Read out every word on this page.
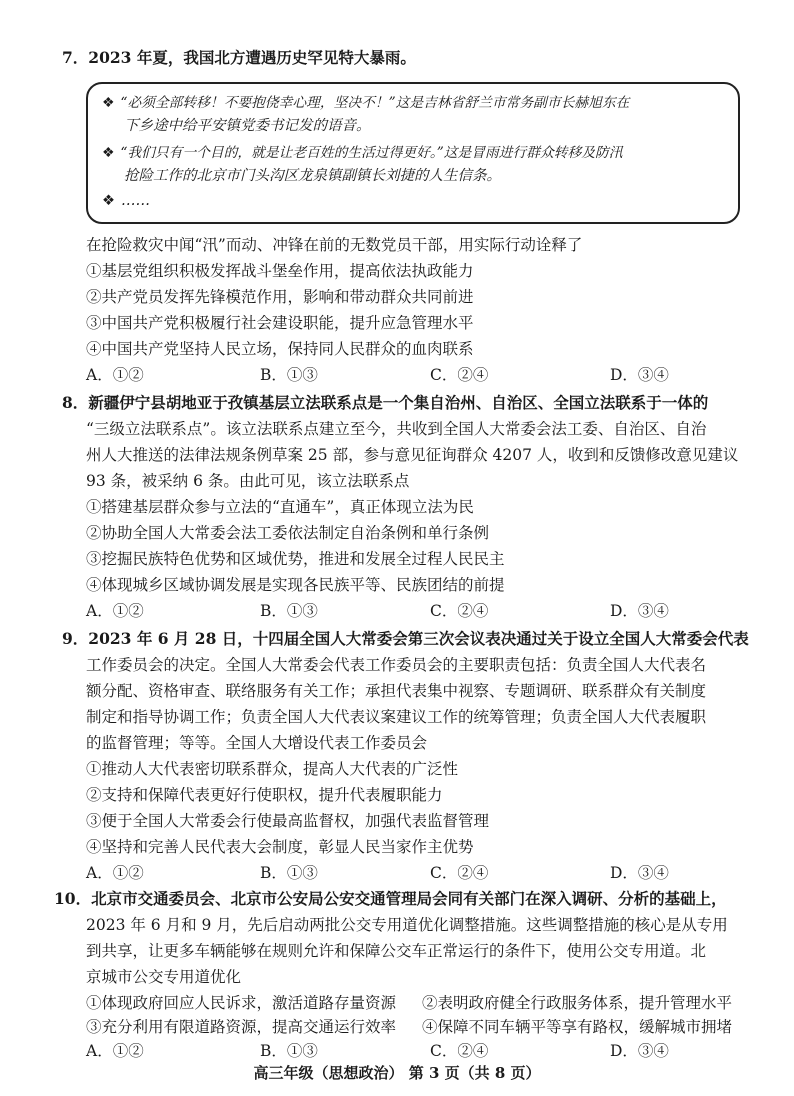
7．2023 年夏，我国北方遭遇历史罕见特大暴雨。
❖ “必须全部转移！不要抱侥幸心理，坚决不！”这是吉林省舒兰市常务副市长赫旭东在
下乡途中给平安镇党委书记发的语音。
❖ “我们只有一个目的，就是让老百姓的生活过得更好。”这是冒雨进行群众转移及防汛
抢险工作的北京市门头沟区龙泉镇副镇长刘捷的人生信条。
❖ ……
在抢险救灾中闻“汛”而动、冲锋在前的无数党员干部，用实际行动诠释了
①基层党组织积极发挥战斗堡垒作用，提高依法执政能力
②共产党员发挥先锋模范作用，影响和带动群众共同前进
③中国共产党积极履行社会建设职能，提升应急管理水平
④中国共产党坚持人民立场，保持同人民群众的血肉联系
A．①②	B．①③	C．②④	D．③④
8．新疆伊宁县胡地亚于孜镇基层立法联系点是一个集自治州、自治区、全国立法联系于一体的
“三级立法联系点”。该立法联系点建立至今，共收到全国人大常委会法工委、自治区、自治
州人大推送的法律法规条例草案 25 部，参与意见征询群众 4207 人，收到和反馈修改意见建议
93 条，被采纳 6 条。由此可见，该立法联系点
①搭建基层群众参与立法的“直通车”，真正体现立法为民
②协助全国人大常委会法工委依法制定自治条例和单行条例
③挖掘民族特色优势和区域优势，推进和发展全过程人民民主
④体现城乡区域协调发展是实现各民族平等、民族团结的前提
A．①②	B．①③	C．②④	D．③④
9．2023 年 6 月 28 日，十四届全国人大常委会第三次会议表决通过关于设立全国人大常委会代表
工作委员会的决定。全国人大常委会代表工作委员会的主要职责包括：负责全国人大代表名
额分配、资格审查、联络服务有关工作；承担代表集中视察、专题调研、联系群众有关制度
制定和指导协调工作；负责全国人大代表议案建议工作的统筹管理；负责全国人大代表履职
的监督管理；等等。全国人大增设代表工作委员会
①推动人大代表密切联系群众，提高人大代表的广泛性
②支持和保障代表更好行使职权，提升代表履职能力
③便于全国人大常委会行使最高监督权，加强代表监督管理
④坚持和完善人民代表大会制度，彰显人民当家作主优势
A．①②	B．①③	C．②④	D．③④
10．北京市交通委员会、北京市公安局公安交通管理局会同有关部门在深入调研、分析的基础上，
2023 年 6 月和 9 月，先后启动两批公交专用道优化调整措施。这些调整措施的核心是从专用
到共享，让更多车辆能够在规则允许和保障公交车正常运行的条件下，使用公交专用道。北
京城市公交专用道优化
①体现政府回应人民诉求，激活道路存量资源 ②表明政府健全行政服务体系，提升管理水平
③充分利用有限道路资源，提高交通运行效率 ④保障不同车辆平等享有路权，缓解城市拥堵
A．①②	B．①③	C．②④	D．③④
高三年级（思想政治） 第 3 页（共 8 页）
